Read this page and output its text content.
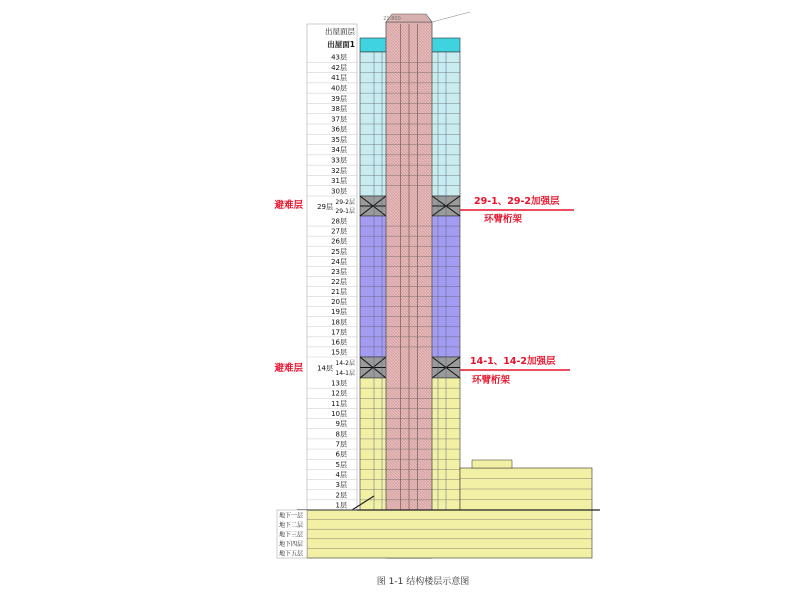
出屋面层
出屋面1
43层
42层
41层
40层
39层
38层
37层
36层
35层
34层
33层
32层
31层
30层
28层
27层
26层
25层
24层
23层
22层
21层
20层
19层
18层
17层
16层
15层
13层
12层
11层
10层
9层
8层
7层
6层
5层
4层
3层
2层
1层
29层
29-2层
29-1层
14层
14-2层
14-1层
地下一层
地下二层
地下三层
地下四层
地下五层
避难层
避难层
29-1、29-2加强层
环臂桁架
14-1、14-2加强层
环臂桁架
图 1-1 结构楼层示意图
21.800
